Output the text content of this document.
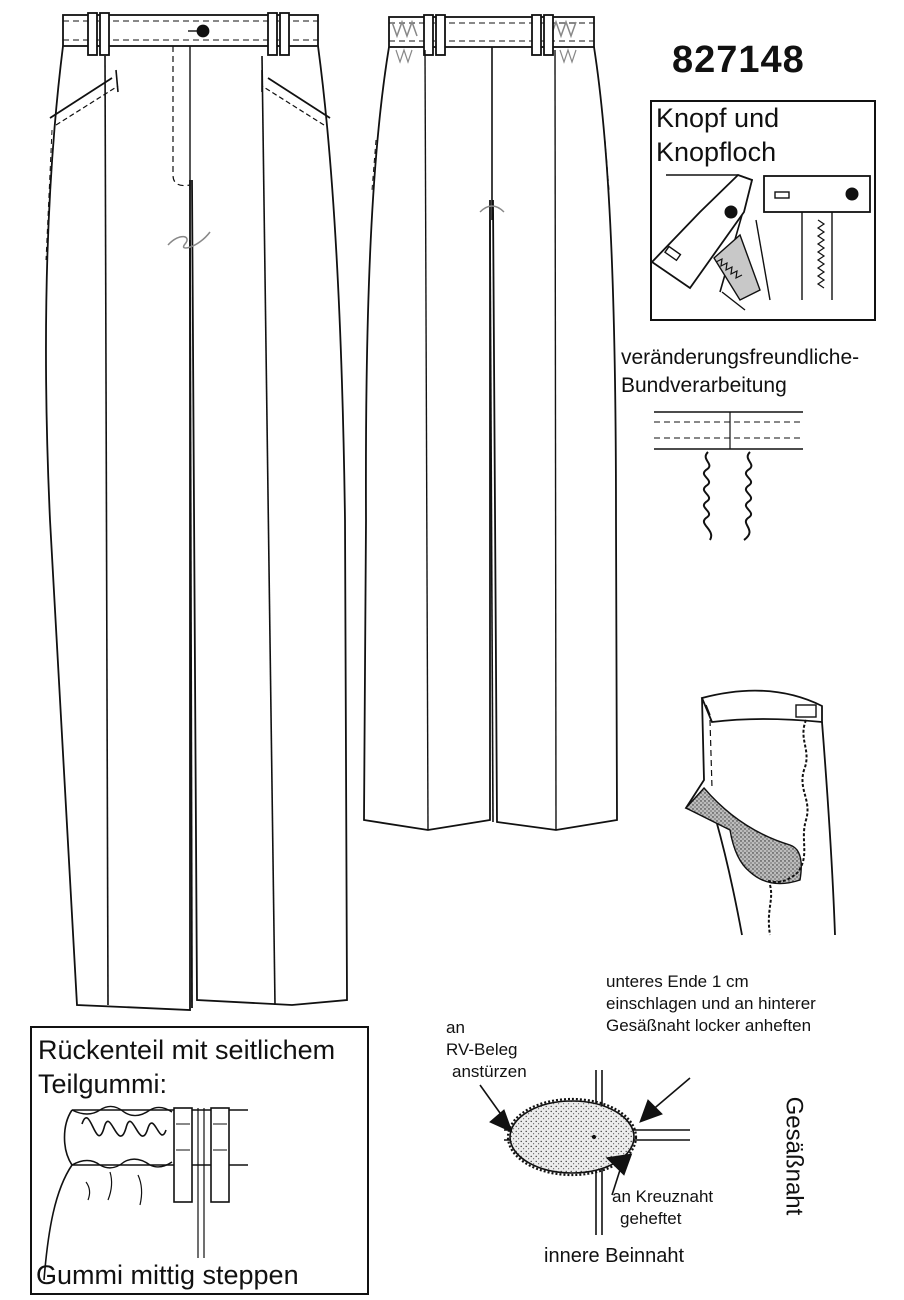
827148
Knopf und
Knopfloch
veränderungsfreundliche-
Bundverarbeitung
Rückenteil mit seitlichem
Teilgummi:
Gummi mittig steppen
an
RV-Beleg
anstürzen
unteres Ende 1 cm
einschlagen und an hinterer
Gesäßnaht locker anheften
an Kreuznaht
geheftet
innere Beinnaht
Gesäßnaht
